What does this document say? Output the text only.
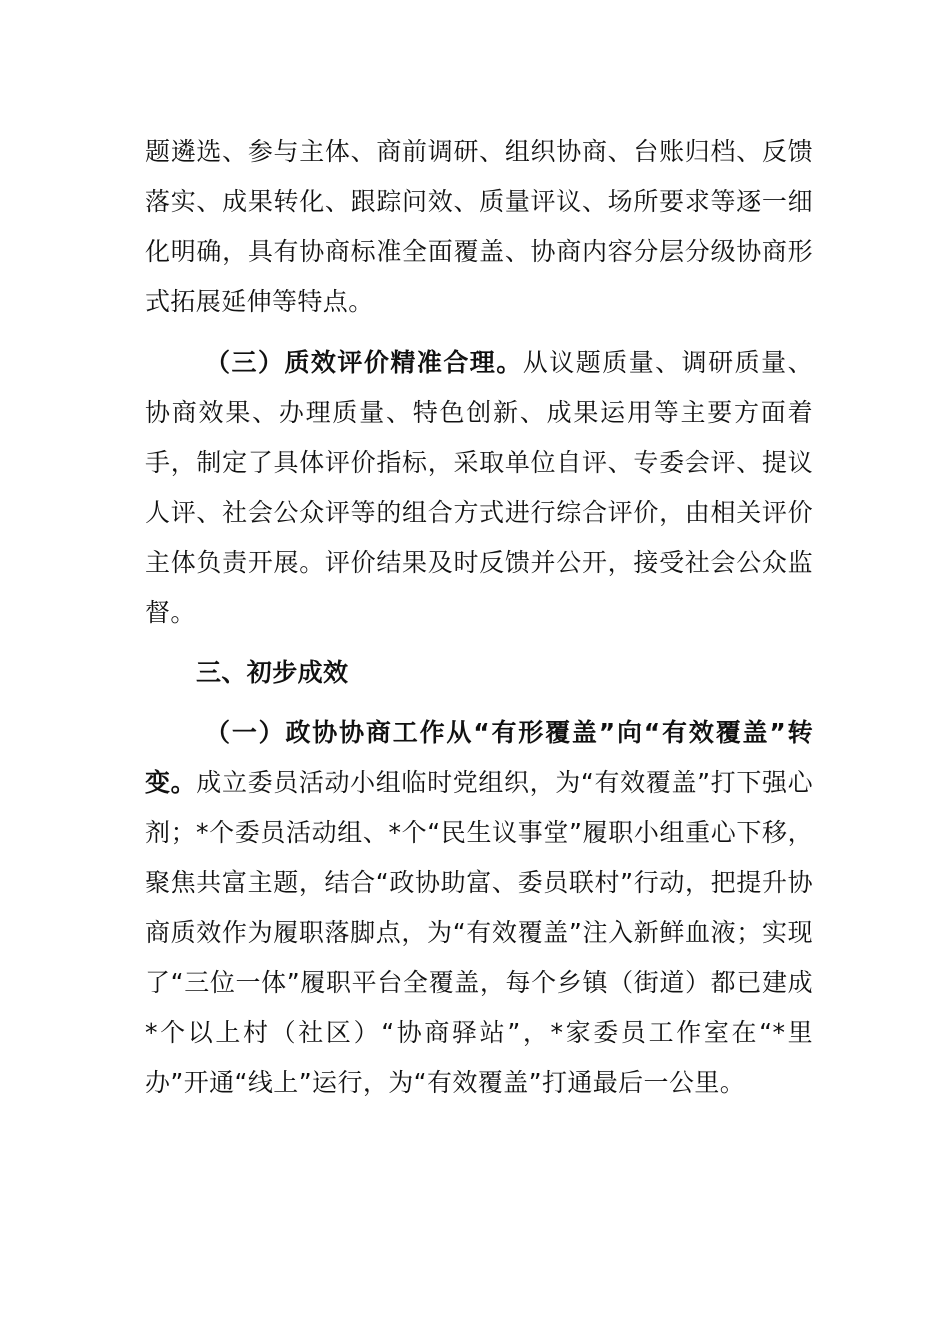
题遴选、参与主体、商前调研、组织协商、台账归档、反馈落实、成果转化、跟踪问效、质量评议、场所要求等逐一细化明确，具有协商标准全面覆盖、协商内容分层分级协商形式拓展延伸等特点。

（三）质效评价精准合理。从议题质量、调研质量、协商效果、办理质量、特色创新、成果运用等主要方面着手，制定了具体评价指标，采取单位自评、专委会评、提议人评、社会公众评等的组合方式进行综合评价，由相关评价主体负责开展。评价结果及时反馈并公开，接受社会公众监督。

三、初步成效

（一）政协协商工作从“有形覆盖”向“有效覆盖”转变。成立委员活动小组临时党组织，为“有效覆盖”打下强心剂；*个委员活动组、*个“民生议事堂”履职小组重心下移，聚焦共富主题，结合“政协助富、委员联村”行动，把提升协商质效作为履职落脚点，为“有效覆盖”注入新鲜血液；实现了“三位一体”履职平台全覆盖，每个乡镇（街道）都已建成*个以上村（社区）“协商驿站”，*家委员工作室在“*里办”开通“线上”运行，为“有效覆盖”打通最后一公里。
